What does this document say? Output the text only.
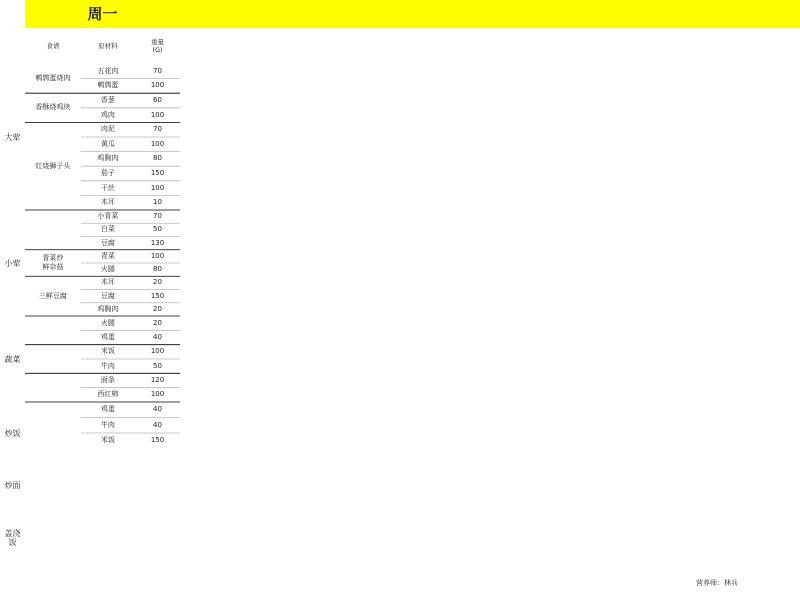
大荤
小荤
蔬菜
炒饭
炒面
盖浇饭
周一
食谱	原材料	重量
(G)
鹌鹑蛋烧肉
五花肉	70
鹌鹑蛋	100
香酥烧鸡块
香葱	60
鸡肉	100
红烧狮子头
肉泥	70
黄瓜	100
鸡胸肉	80
茄子	150
干丝	100
木耳	10
小青菜	70
白菜	50
豆腐	130
青菜炒
鲜杂菇
青菜	100
火腿	80
三鲜豆腐
木耳	20
豆腐	150
鸡胸肉	20
火腿	20
鸡蛋	40
米饭	100
牛肉	50
面条	120
西红柿	100
鸡蛋	40
牛肉	40
米饭	150
营养师：林兵
